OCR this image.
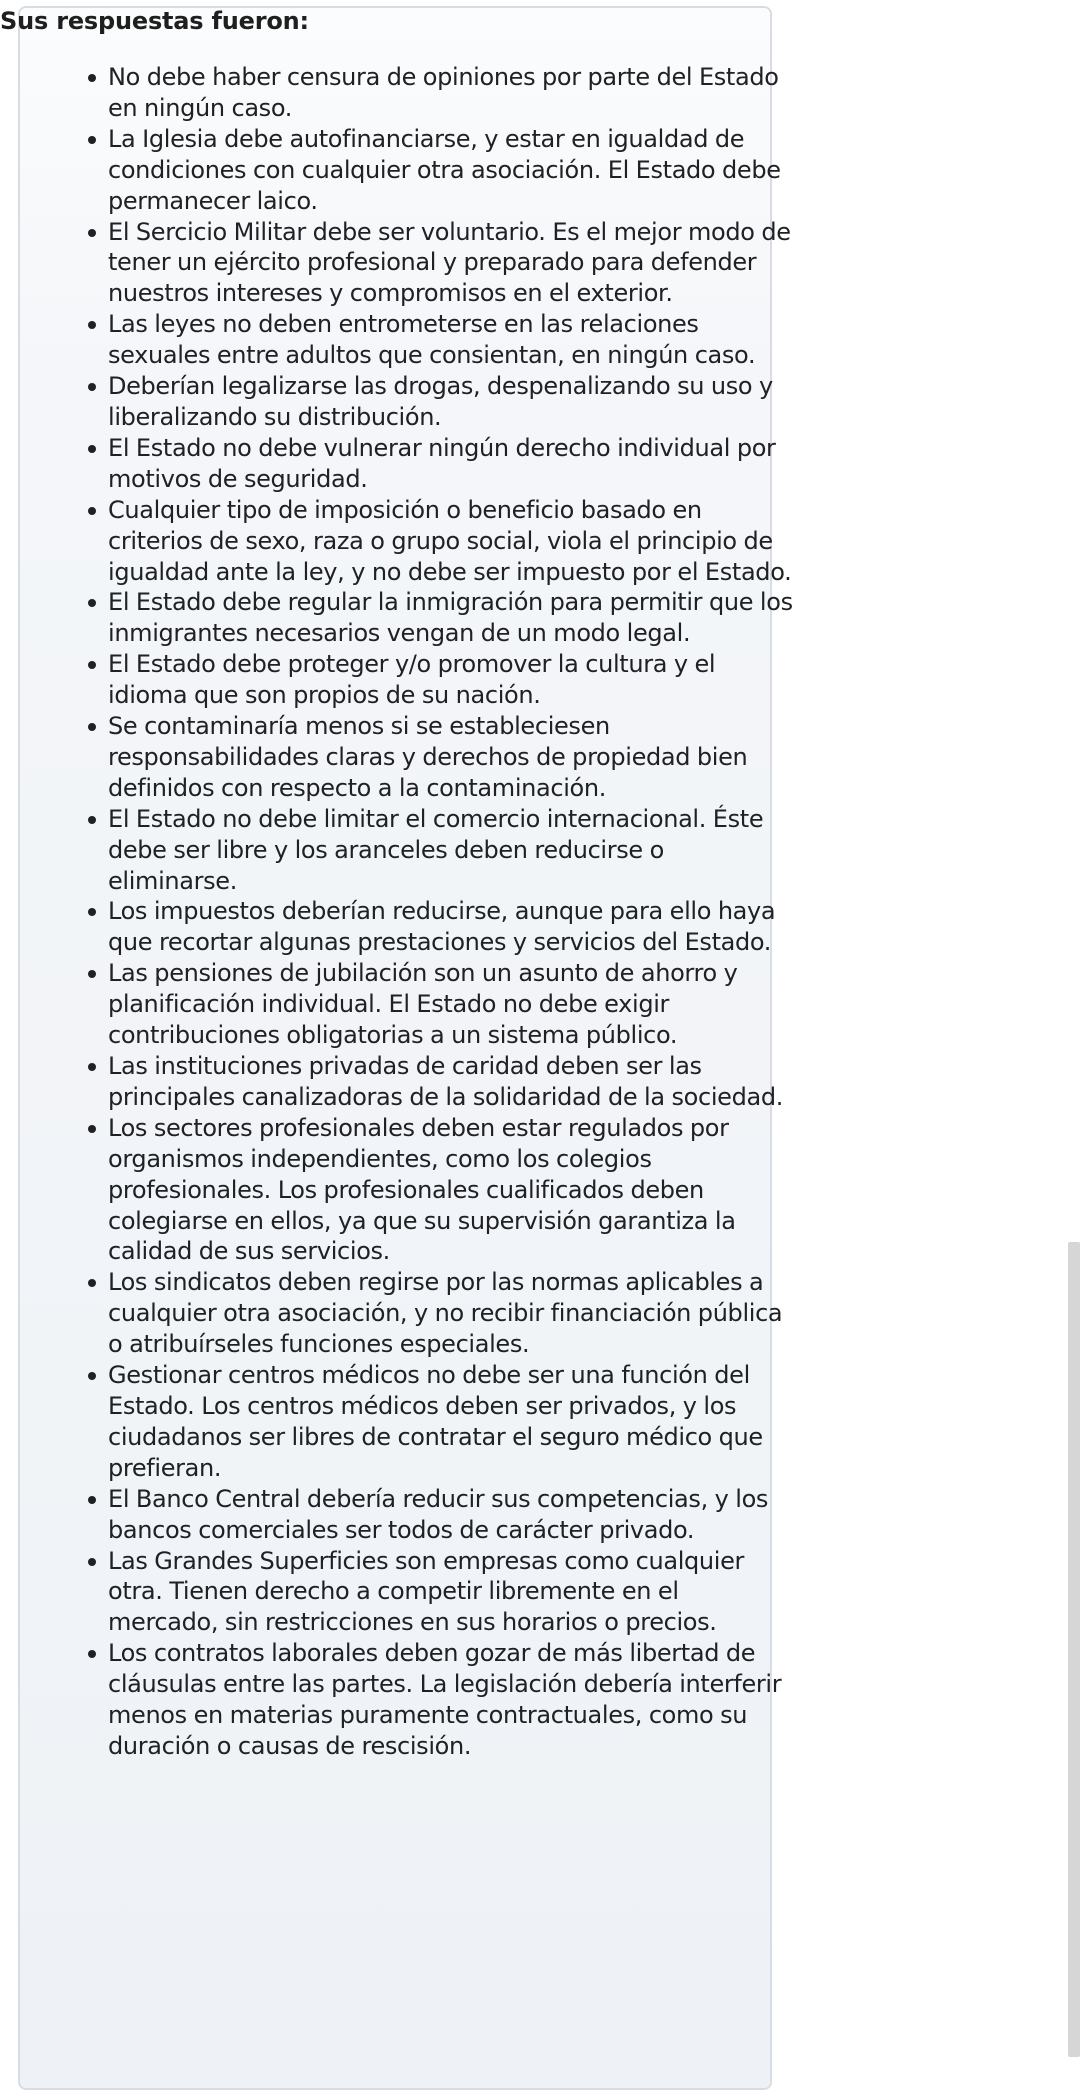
Sus respuestas fueron:
No debe haber censura de opiniones por parte del Estado en ningún caso.
La Iglesia debe autofinanciarse, y estar en igualdad de condiciones con cualquier otra asociación. El Estado debe permanecer laico.
El Sercicio Militar debe ser voluntario. Es el mejor modo de tener un ejército profesional y preparado para defender nuestros intereses y compromisos en el exterior.
Las leyes no deben entrometerse en las relaciones sexuales entre adultos que consientan, en ningún caso.
Deberían legalizarse las drogas, despenalizando su uso y liberalizando su distribución.
El Estado no debe vulnerar ningún derecho individual por motivos de seguridad.
Cualquier tipo de imposición o beneficio basado en criterios de sexo, raza o grupo social, viola el principio de igualdad ante la ley, y no debe ser impuesto por el Estado.
El Estado debe regular la inmigración para permitir que los inmigrantes necesarios vengan de un modo legal.
El Estado debe proteger y/o promover la cultura y el idioma que son propios de su nación.
Se contaminaría menos si se estableciesen responsabilidades claras y derechos de propiedad bien definidos con respecto a la contaminación.
El Estado no debe limitar el comercio internacional. Éste debe ser libre y los aranceles deben reducirse o eliminarse.
Los impuestos deberían reducirse, aunque para ello haya que recortar algunas prestaciones y servicios del Estado.
Las pensiones de jubilación son un asunto de ahorro y planificación individual. El Estado no debe exigir contribuciones obligatorias a un sistema público.
Las instituciones privadas de caridad deben ser las principales canalizadoras de la solidaridad de la sociedad.
Los sectores profesionales deben estar regulados por organismos independientes, como los colegios profesionales. Los profesionales cualificados deben colegiarse en ellos, ya que su supervisión garantiza la calidad de sus servicios.
Los sindicatos deben regirse por las normas aplicables a cualquier otra asociación, y no recibir financiación pública o atribuírseles funciones especiales.
Gestionar centros médicos no debe ser una función del Estado. Los centros médicos deben ser privados, y los ciudadanos ser libres de contratar el seguro médico que prefieran.
El Banco Central debería reducir sus competencias, y los bancos comerciales ser todos de carácter privado.
Las Grandes Superficies son empresas como cualquier otra. Tienen derecho a competir libremente en el mercado, sin restricciones en sus horarios o precios.
Los contratos laborales deben gozar de más libertad de cláusulas entre las partes. La legislación debería interferir menos en materias puramente contractuales, como su duración o causas de rescisión.
